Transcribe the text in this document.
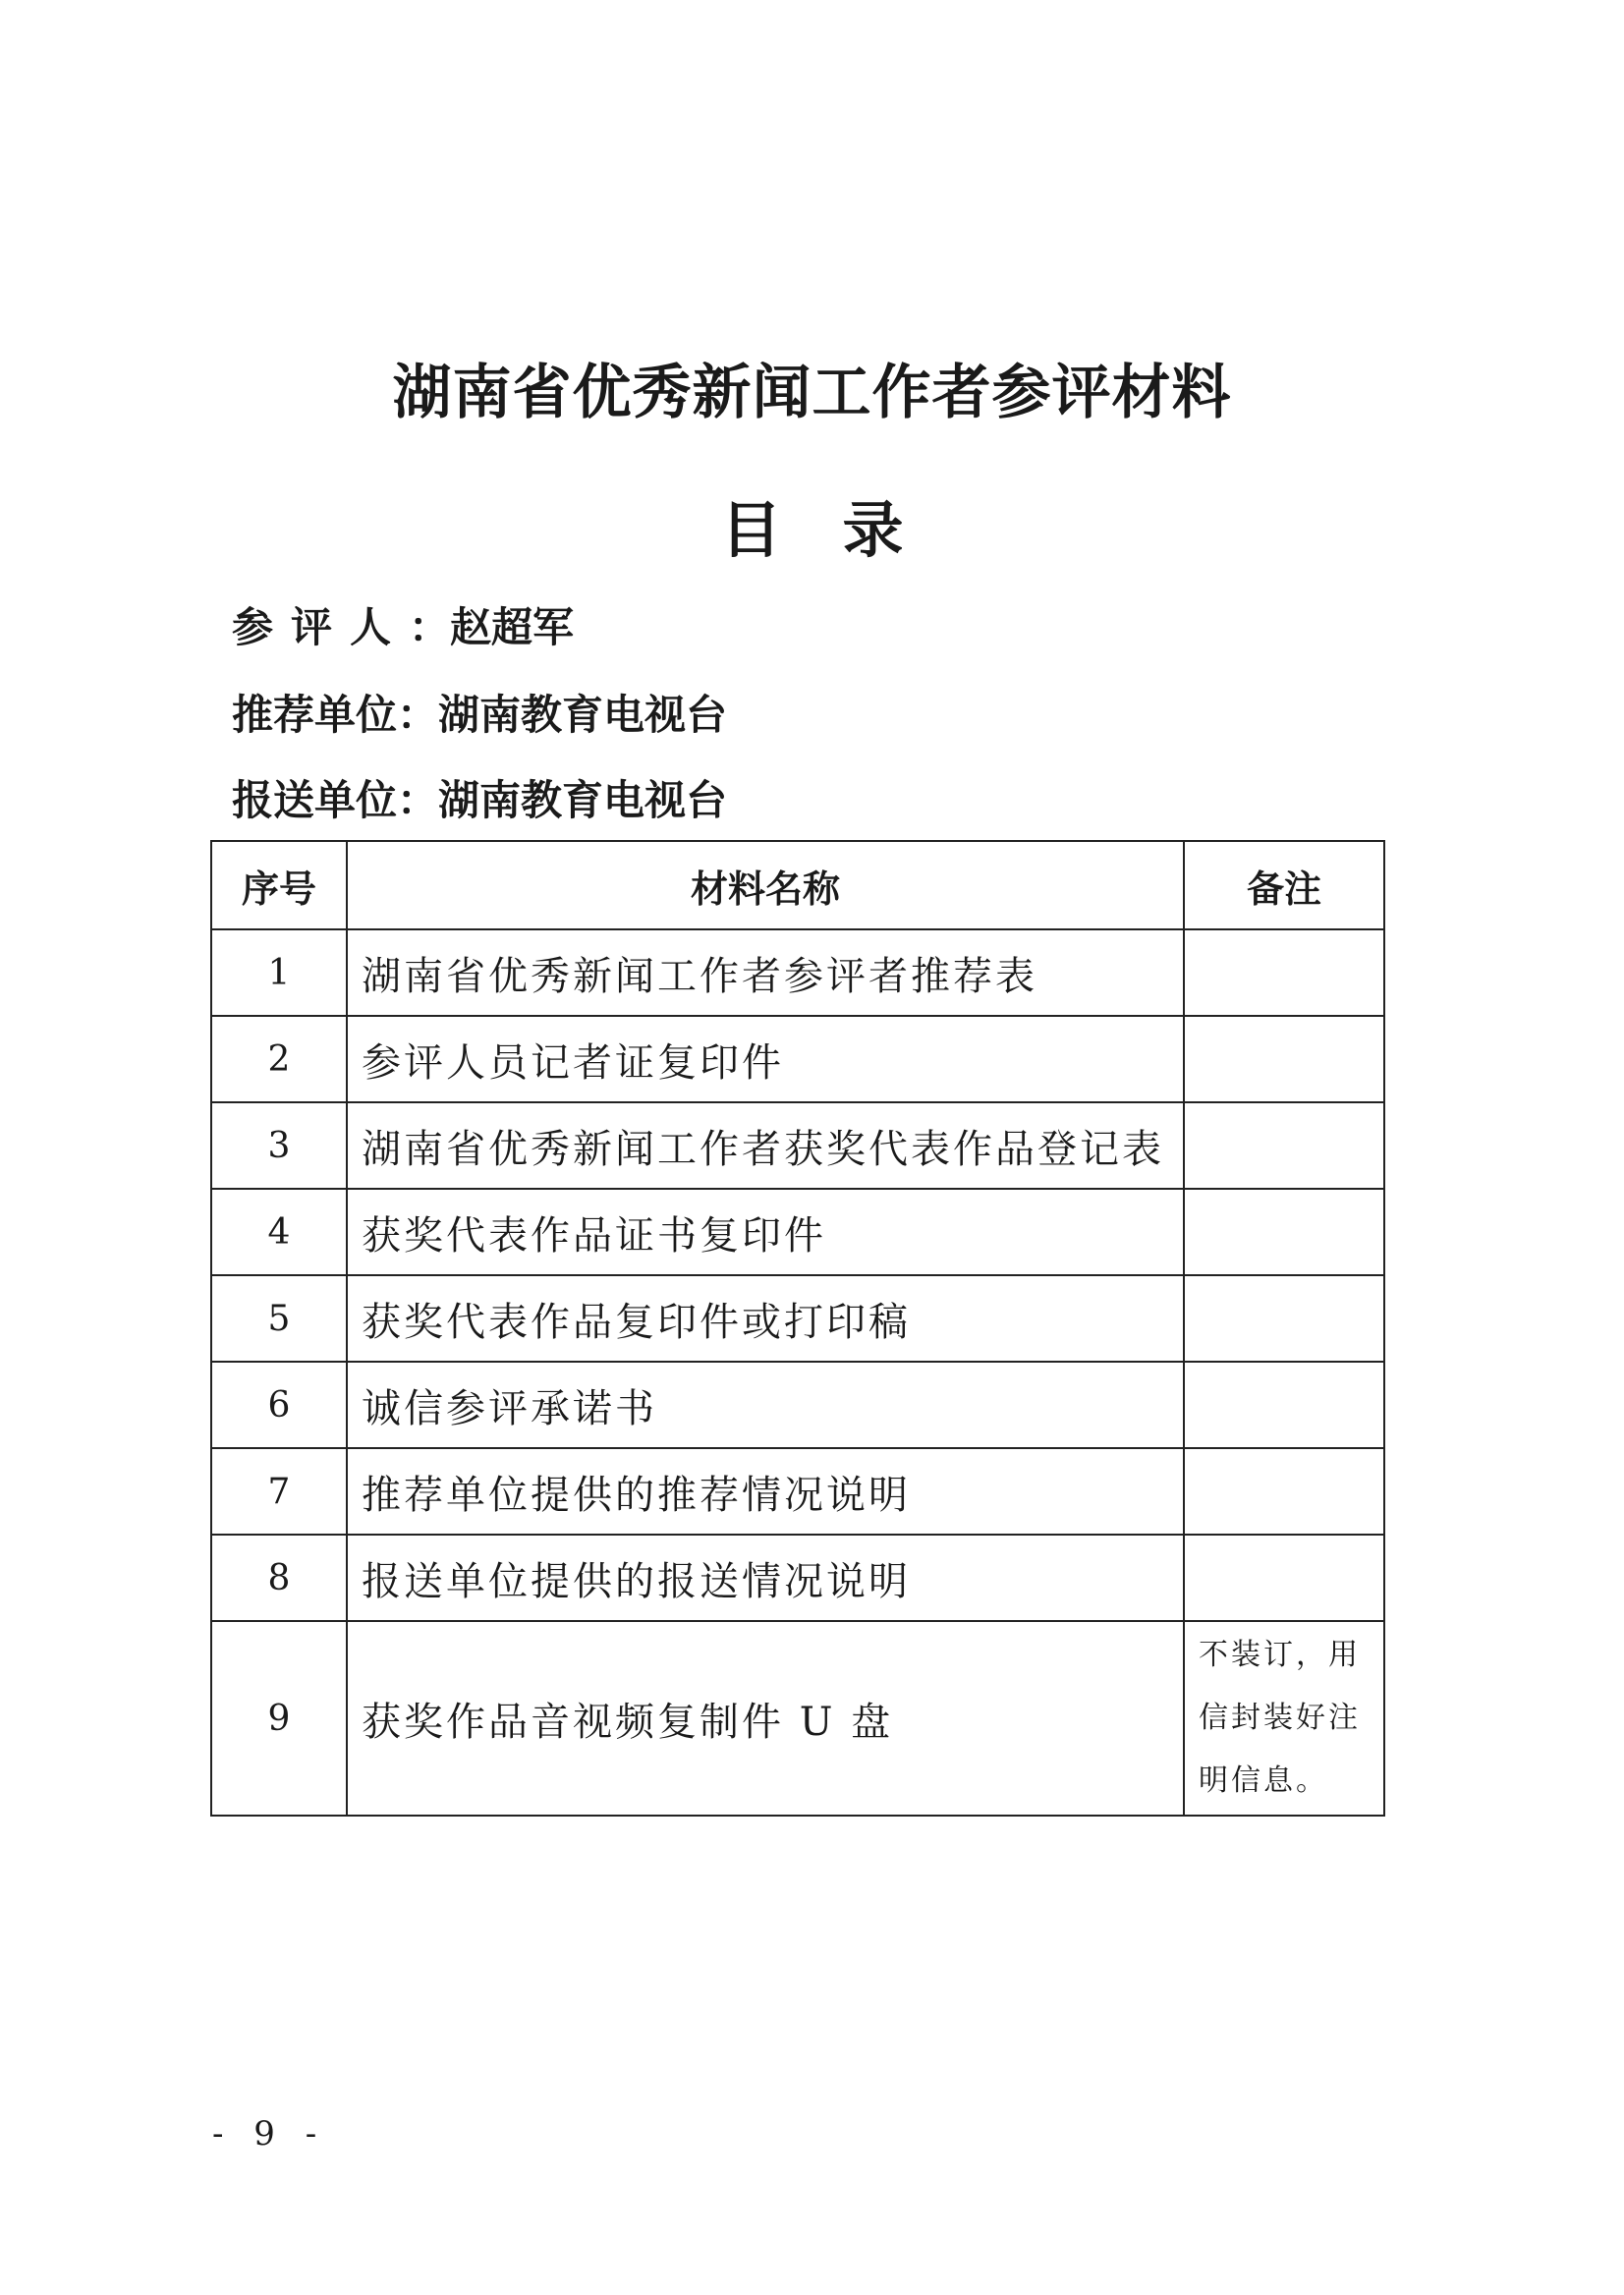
湖南省优秀新闻工作者参评材料
目　录
参评人：赵超军
推荐单位：湖南教育电视台
报送单位：湖南教育电视台
序号	材料名称	备注
1	湖南省优秀新闻工作者参评者推荐表	
2	参评人员记者证复印件	
3	湖南省优秀新闻工作者获奖代表作品登记表	
4	获奖代表作品证书复印件	
5	获奖代表作品复印件或打印稿	
6	诚信参评承诺书	
7	推荐单位提供的推荐情况说明	
8	报送单位提供的报送情况说明	
9	获奖作品音视频复制件 U 盘	不装订，用
信封装好注
明信息。
- 9 -
